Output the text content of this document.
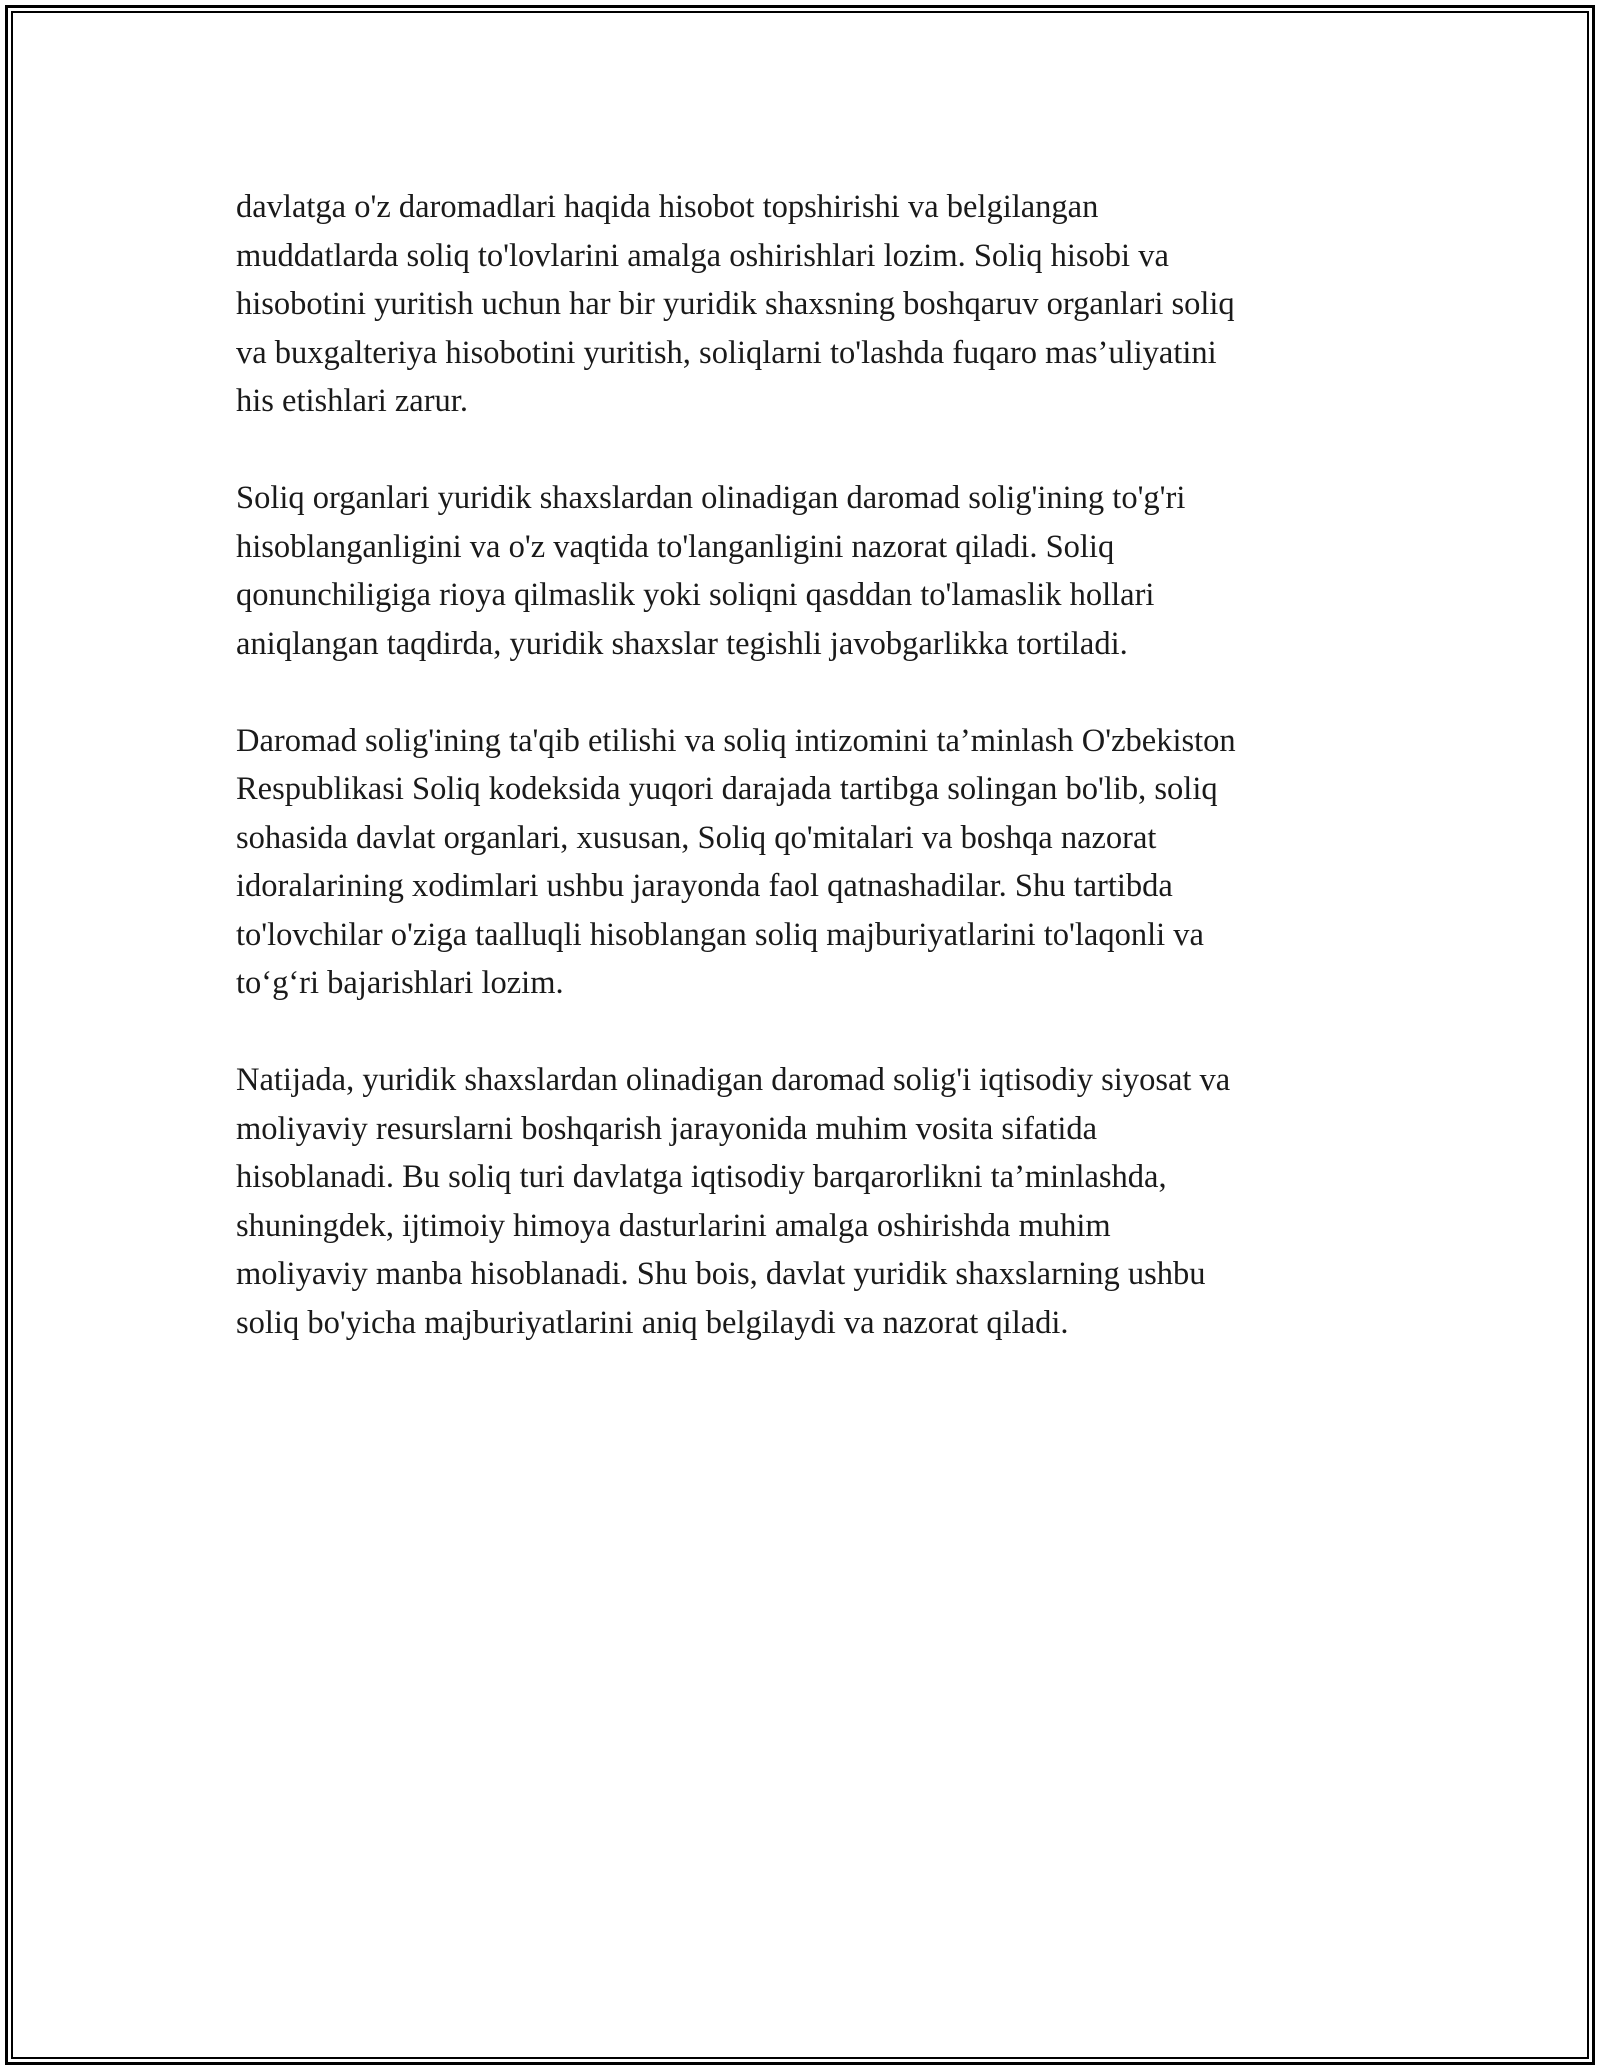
davlatga o'z daromadlari haqida hisobot topshirishi va belgilangan
muddatlarda soliq to'lovlarini amalga oshirishlari lozim. Soliq hisobi va
hisobotini yuritish uchun har bir yuridik shaxsning boshqaruv organlari soliq
va buxgalteriya hisobotini yuritish, soliqlarni to'lashda fuqaro mas’uliyatini
his etishlari zarur.

Soliq organlari yuridik shaxslardan olinadigan daromad solig'ining to'g'ri
hisoblanganligini va o'z vaqtida to'langanligini nazorat qiladi. Soliq
qonunchiligiga rioya qilmaslik yoki soliqni qasddan to'lamaslik hollari
aniqlangan taqdirda, yuridik shaxslar tegishli javobgarlikka tortiladi.

Daromad solig'ining ta'qib etilishi va soliq intizomini ta’minlash O'zbekiston
Respublikasi Soliq kodeksida yuqori darajada tartibga solingan bo'lib, soliq
sohasida davlat organlari, xususan, Soliq qo'mitalari va boshqa nazorat
idoralarining xodimlari ushbu jarayonda faol qatnashadilar. Shu tartibda
to'lovchilar o'ziga taalluqli hisoblangan soliq majburiyatlarini to'laqonli va
to‘g‘ri bajarishlari lozim.

Natijada, yuridik shaxslardan olinadigan daromad solig'i iqtisodiy siyosat va
moliyaviy resurslarni boshqarish jarayonida muhim vosita sifatida
hisoblanadi. Bu soliq turi davlatga iqtisodiy barqarorlikni ta’minlashda,
shuningdek, ijtimoiy himoya dasturlarini amalga oshirishda muhim
moliyaviy manba hisoblanadi. Shu bois, davlat yuridik shaxslarning ushbu
soliq bo'yicha majburiyatlarini aniq belgilaydi va nazorat qiladi.
